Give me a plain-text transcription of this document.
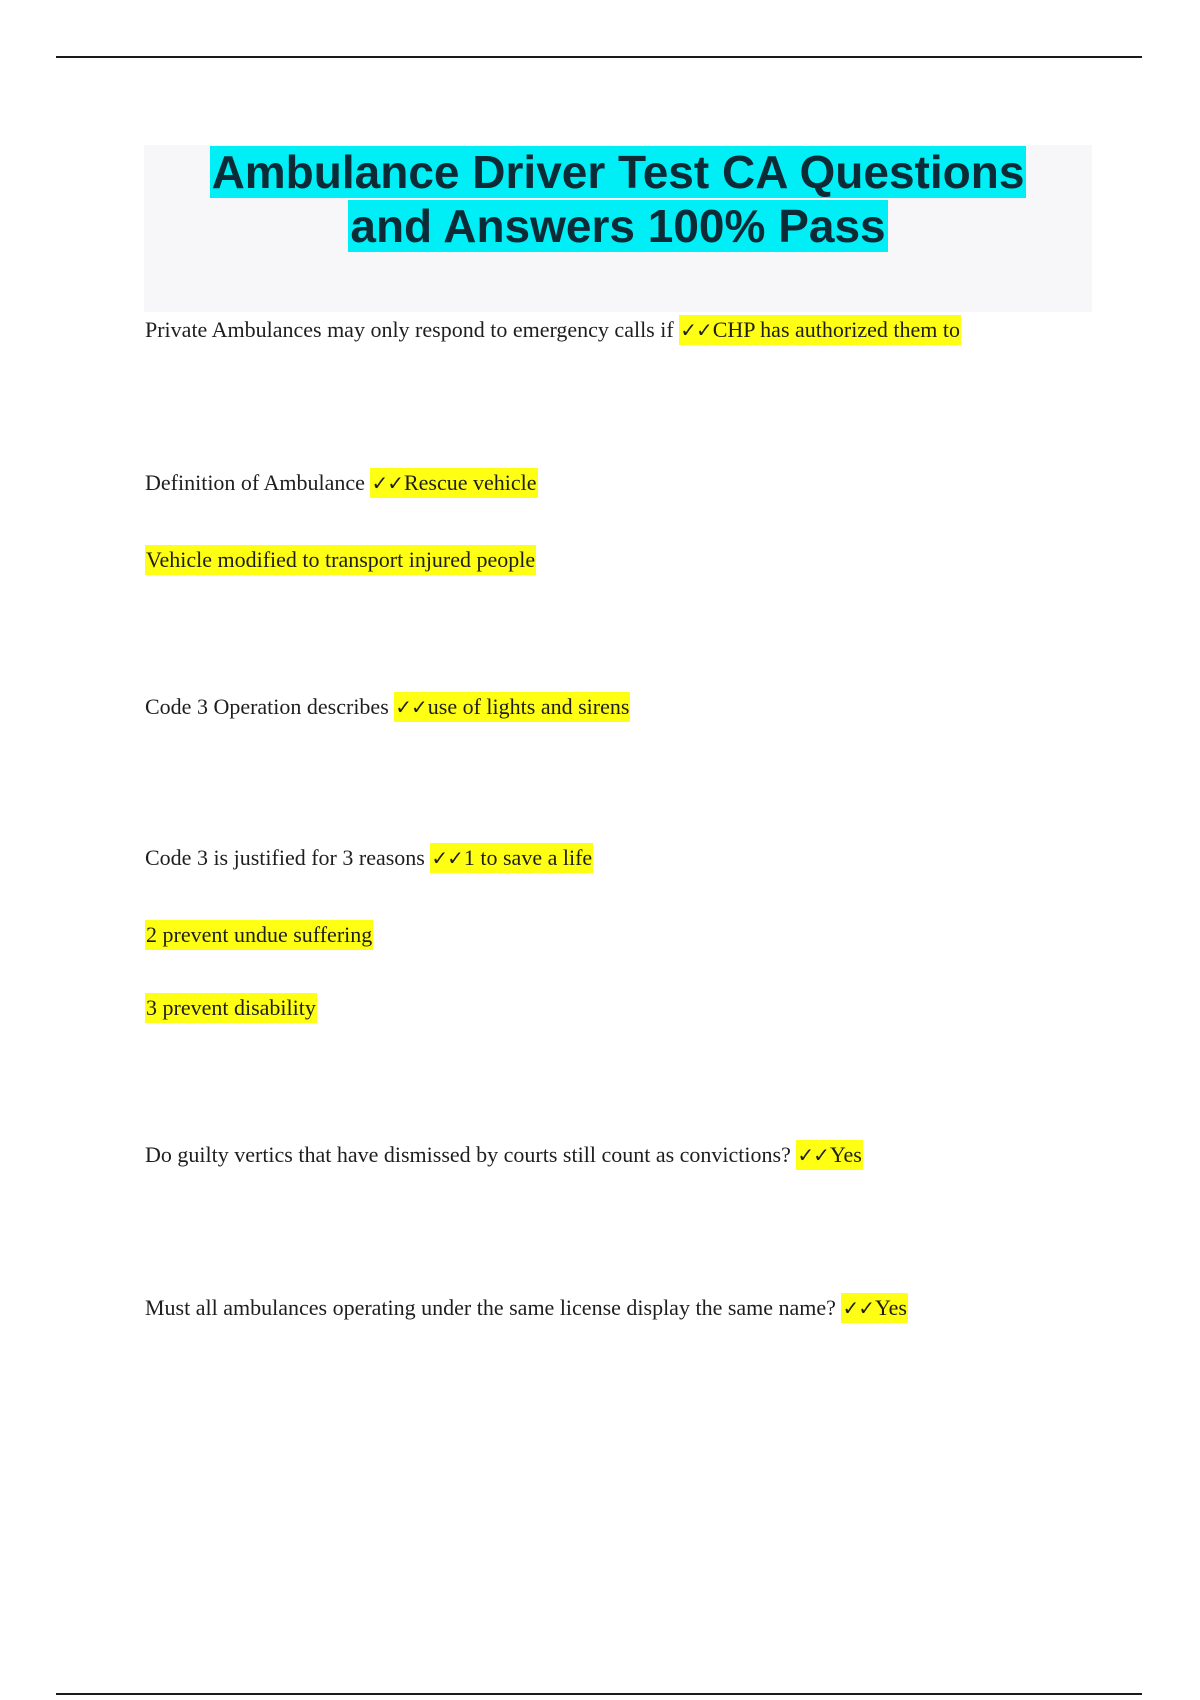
Ambulance Driver Test CA Questions
and Answers 100% Pass
Private Ambulances may only respond to emergency calls if ✓✓CHP has authorized them to
Definition of Ambulance ✓✓Rescue vehicle
Vehicle modified to transport injured people
Code 3 Operation describes ✓✓use of lights and sirens
Code 3 is justified for 3 reasons ✓✓1 to save a life
2 prevent undue suffering
3 prevent disability
Do guilty vertics that have dismissed by courts still count as convictions? ✓✓Yes
Must all ambulances operating under the same license display the same name? ✓✓Yes
